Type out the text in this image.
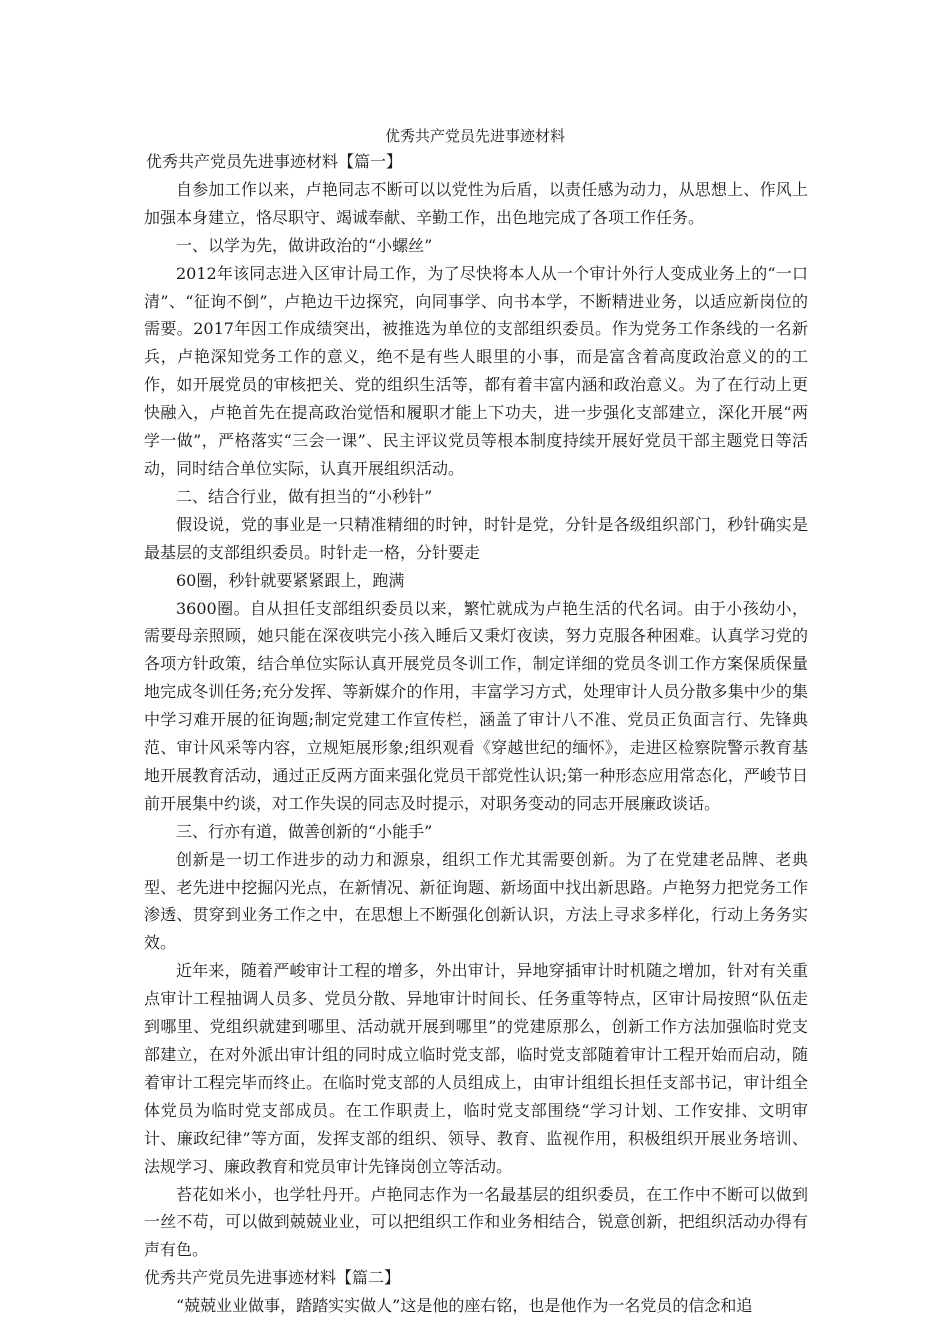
优秀共产党员先进事迹材料

优秀共产党员先进事迹材料【篇一】

自参加工作以来，卢艳同志不断可以以党性为后盾，以责任感为动力，从思想上、作风上加强本身建立，恪尽职守、竭诚奉献、辛勤工作，出色地完成了各项工作任务。

一、以学为先，做讲政治的“小螺丝”

2012年该同志进入区审计局工作，为了尽快将本人从一个审计外行人变成业务上的“一口清”、“征询不倒”，卢艳边干边探究，向同事学、向书本学，不断精进业务，以适应新岗位的需要。2017年因工作成绩突出，被推选为单位的支部组织委员。作为党务工作条线的一名新兵，卢艳深知党务工作的意义，绝不是有些人眼里的小事，而是富含着高度政治意义的的工作，如开展党员的审核把关、党的组织生活等，都有着丰富内涵和政治意义。为了在行动上更快融入，卢艳首先在提高政治觉悟和履职才能上下功夫，进一步强化支部建立，深化开展“两学一做”，严格落实“三会一课”、民主评议党员等根本制度持续开展好党员干部主题党日等活动，同时结合单位实际，认真开展组织活动。

二、结合行业，做有担当的“小秒针”

假设说，党的事业是一只精准精细的时钟，时针是党，分针是各级组织部门，秒针确实是最基层的支部组织委员。时针走一格，分针要走

60圈，秒针就要紧紧跟上，跑满

3600圈。自从担任支部组织委员以来，繁忙就成为卢艳生活的代名词。由于小孩幼小，需要母亲照顾，她只能在深夜哄完小孩入睡后又秉灯夜读，努力克服各种困难。认真学习党的各项方针政策，结合单位实际认真开展党员冬训工作，制定详细的党员冬训工作方案保质保量地完成冬训任务;充分发挥、等新媒介的作用，丰富学习方式，处理审计人员分散多集中少的集中学习难开展的征询题;制定党建工作宣传栏，涵盖了审计八不准、党员正负面言行、先锋典范、审计风采等内容，立规矩展形象;组织观看《穿越世纪的缅怀》，走进区检察院警示教育基地开展教育活动，通过正反两方面来强化党员干部党性认识;第一种形态应用常态化，严峻节日前开展集中约谈，对工作失误的同志及时提示，对职务变动的同志开展廉政谈话。

三、行亦有道，做善创新的“小能手”

创新是一切工作进步的动力和源泉，组织工作尤其需要创新。为了在党建老品牌、老典型、老先进中挖掘闪光点，在新情况、新征询题、新场面中找出新思路。卢艳努力把党务工作渗透、贯穿到业务工作之中，在思想上不断强化创新认识，方法上寻求多样化，行动上务务实效。

近年来，随着严峻审计工程的增多，外出审计，异地穿插审计时机随之增加，针对有关重点审计工程抽调人员多、党员分散、异地审计时间长、任务重等特点，区审计局按照“队伍走到哪里、党组织就建到哪里、活动就开展到哪里”的党建原那么，创新工作方法加强临时党支部建立，在对外派出审计组的同时成立临时党支部，临时党支部随着审计工程开始而启动，随着审计工程完毕而终止。在临时党支部的人员组成上，由审计组组长担任支部书记，审计组全体党员为临时党支部成员。在工作职责上，临时党支部围绕“学习计划、工作安排、文明审计、廉政纪律”等方面，发挥支部的组织、领导、教育、监视作用，积极组织开展业务培训、法规学习、廉政教育和党员审计先锋岗创立等活动。

苔花如米小，也学牡丹开。卢艳同志作为一名最基层的组织委员，在工作中不断可以做到一丝不苟，可以做到兢兢业业，可以把组织工作和业务相结合，锐意创新，把组织活动办得有声有色。

优秀共产党员先进事迹材料【篇二】

“兢兢业业做事，踏踏实实做人”这是他的座右铭，也是他作为一名党员的信念和追
